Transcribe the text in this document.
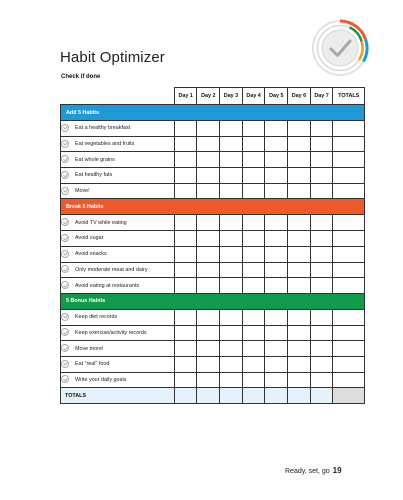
Habit Optimizer
Check if done
	Day 1	Day 2	Day 3	Day 4	Day 5	Day 6	Day 7	TOTALS
Add 5 Habits								
Eat a healthy breakfast								
Eat vegetables and fruits								
Eat whole grains								
Eat healthy fats								
Move!								
Break 5 Habits								
Avoid TV while eating								
Avoid sugar								
Avoid snacks								
Only moderate meat and dairy								
Avoid eating at restaurants								
5 Bonus Habits								
Keep diet records								
Keep exercise/activity records								
Move more!								
Eat "real" food								
Write your daily goals								
TOTALS								
Ready, set, go 19
